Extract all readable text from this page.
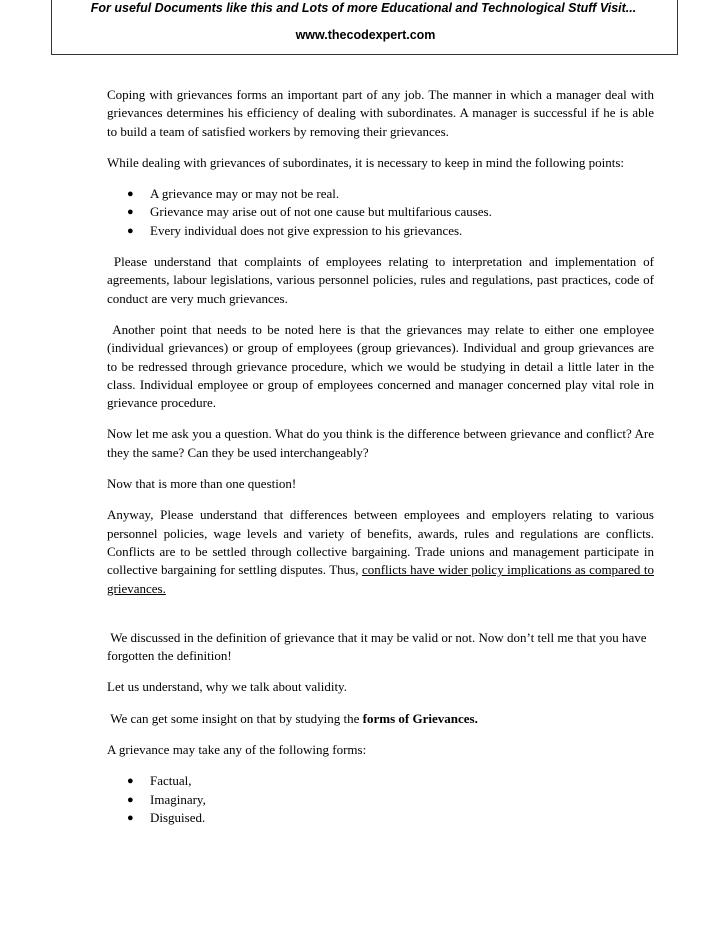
For useful Documents like this and Lots of more Educational and Technological Stuff Visit...
www.thecodexpert.com

Coping with grievances forms an important part of any job. The manner in which a manager deal with grievances determines his efficiency of dealing with subordinates. A manager is successful if he is able to build a team of satisfied workers by removing their grievances.

While dealing with grievances of subordinates, it is necessary to keep in mind the following points:

● A grievance may or may not be real.
● Grievance may arise out of not one cause but multifarious causes.
● Every individual does not give expression to his grievances.

Please understand that complaints of employees relating to interpretation and implementation of agreements, labour legislations, various personnel policies, rules and regulations, past practices, code of conduct are very much grievances.

Another point that needs to be noted here is that the grievances may relate to either one employee (individual grievances) or group of employees (group grievances). Individual and group grievances are to be redressed through grievance procedure, which we would be studying in detail a little later in the class. Individual employee or group of employees concerned and manager concerned play vital role in grievance procedure.

Now let me ask you a question. What do you think is the difference between grievance and conflict? Are they the same? Can they be used interchangeably?

Now that is more than one question!

Anyway, Please understand that differences between employees and employers relating to various personnel policies, wage levels and variety of benefits, awards, rules and regulations are conflicts. Conflicts are to be settled through collective bargaining. Trade unions and management participate in collective bargaining for settling disputes. Thus, conflicts have wider policy implications as compared to grievances.

We discussed in the definition of grievance that it may be valid or not. Now don’t tell me that you have forgotten the definition!

Let us understand, why we talk about validity.

We can get some insight on that by studying the forms of Grievances.

A grievance may take any of the following forms:

● Factual,
● Imaginary,
● Disguised.
